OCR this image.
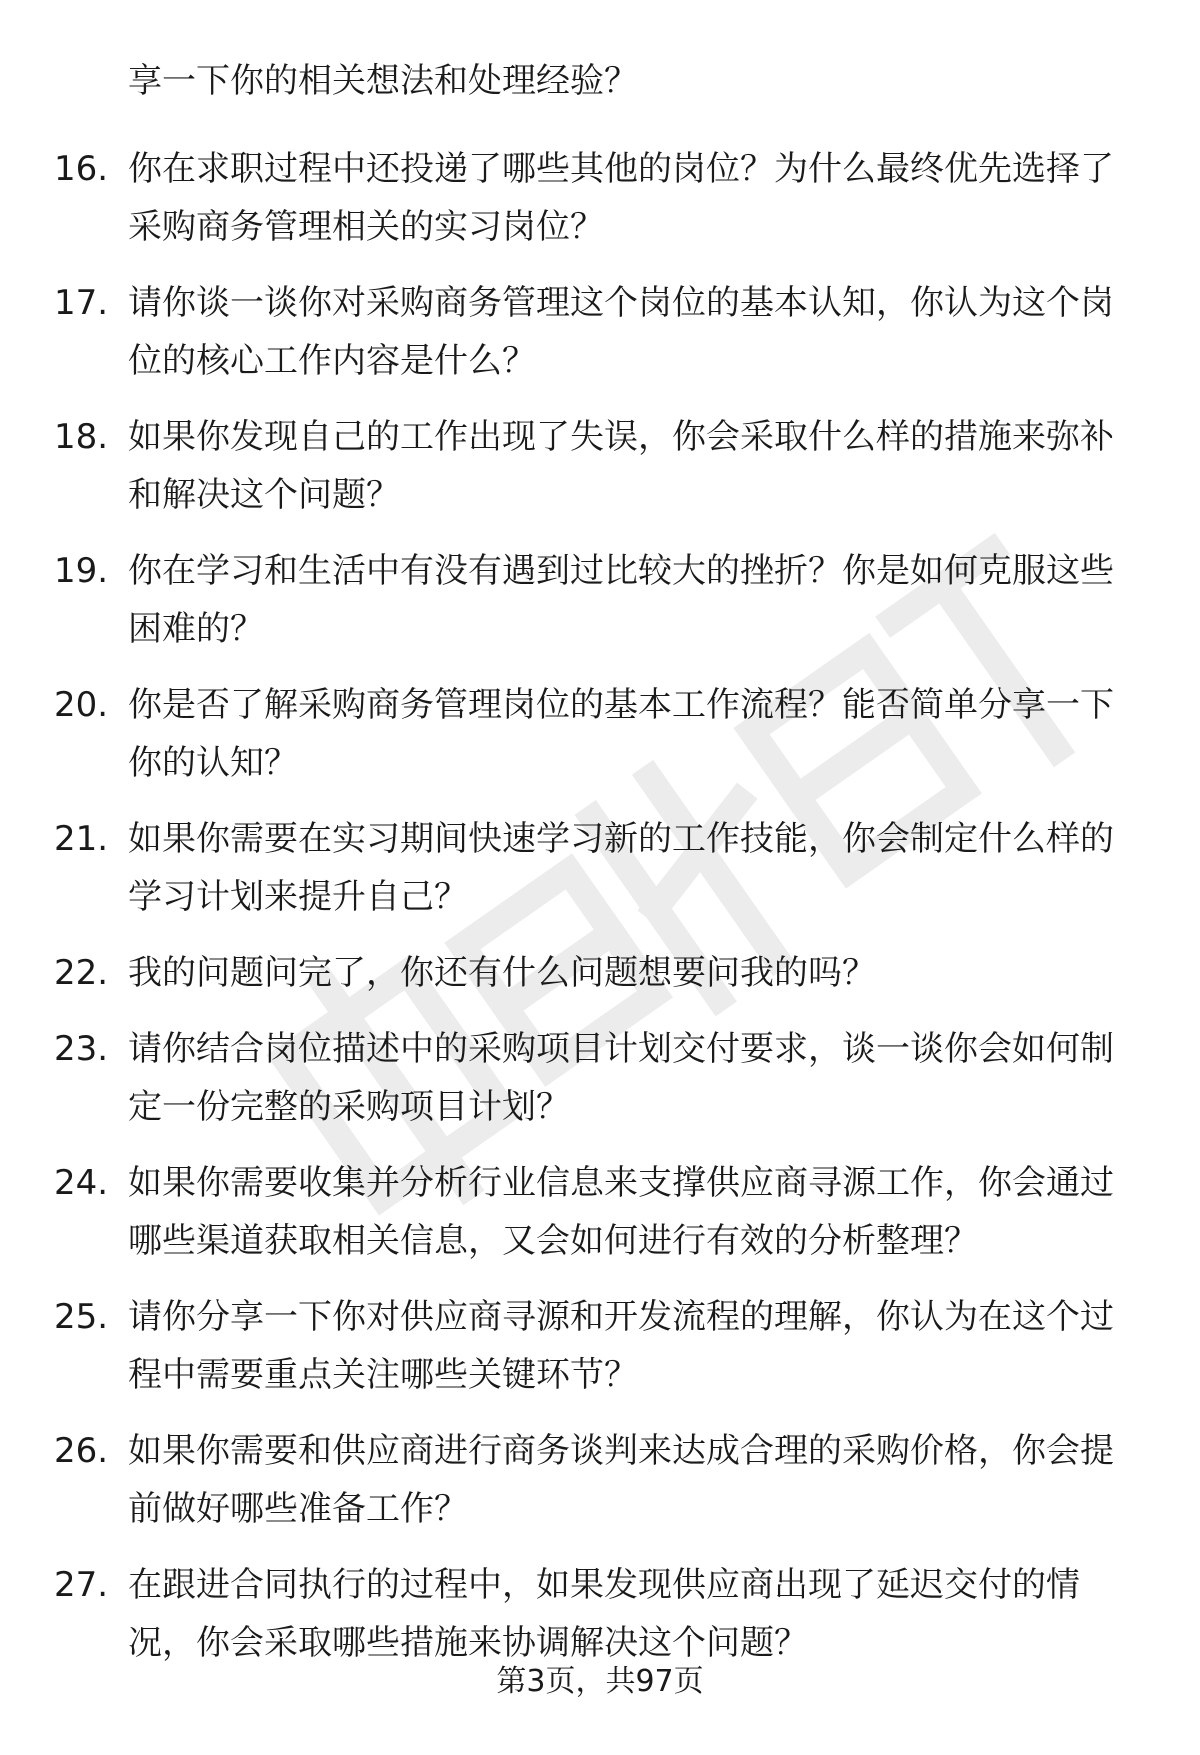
享一下你的相关想法和处理经验？
16. 你在求职过程中还投递了哪些其他的岗位？为什么最终优先选择了采购商务管理相关的实习岗位？
17. 请你谈一谈你对采购商务管理这个岗位的基本认知，你认为这个岗位的核心工作内容是什么？
18. 如果你发现自己的工作出现了失误，你会采取什么样的措施来弥补和解决这个问题？
19. 你在学习和生活中有没有遇到过比较大的挫折？你是如何克服这些困难的？
20. 你是否了解采购商务管理岗位的基本工作流程？能否简单分享一下你的认知？
21. 如果你需要在实习期间快速学习新的工作技能，你会制定什么样的学习计划来提升自己？
22. 我的问题问完了，你还有什么问题想要问我的吗？
23. 请你结合岗位描述中的采购项目计划交付要求，谈一谈你会如何制定一份完整的采购项目计划？
24. 如果你需要收集并分析行业信息来支撑供应商寻源工作，你会通过哪些渠道获取相关信息，又会如何进行有效的分析整理？
25. 请你分享一下你对供应商寻源和开发流程的理解，你认为在这个过程中需要重点关注哪些关键环节？
26. 如果你需要和供应商进行商务谈判来达成合理的采购价格，你会提前做好哪些准备工作？
27. 在跟进合同执行的过程中，如果发现供应商出现了延迟交付的情况，你会采取哪些措施来协调解决这个问题？
第3页，共97页
